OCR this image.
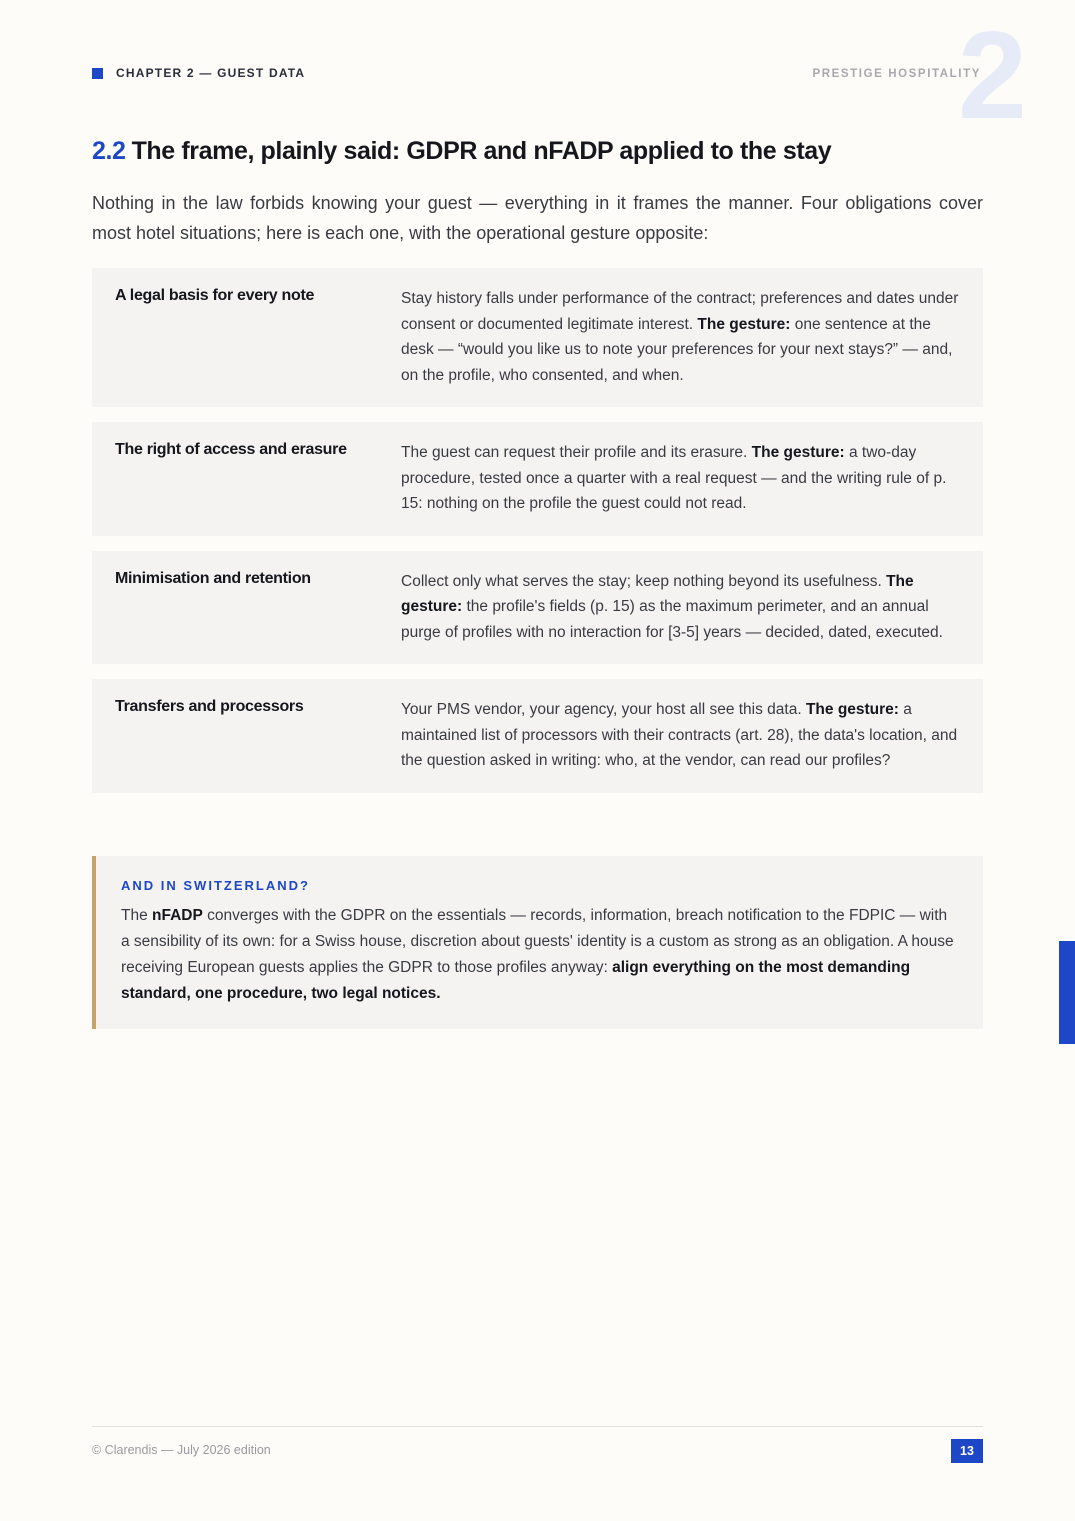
CHAPTER 2 — GUEST DATA	2
PRESTIGE HOSPITALITY
2.2 The frame, plainly said: GDPR and nFADP applied to the stay

Nothing in the law forbids knowing your guest — everything in it frames the manner. Four obligations cover most hotel situations; here is each one, with the operational gesture opposite:

A legal basis for every note	Stay history falls under performance of the contract; preferences and dates under consent or documented legitimate interest. The gesture: one sentence at the desk — “would you like us to note your preferences for your next stays?” — and, on the profile, who consented, and when.
The right of access and erasure	The guest can request their profile and its erasure. The gesture: a two-day procedure, tested once a quarter with a real request — and the writing rule of p. 15: nothing on the profile the guest could not read.
Minimisation and retention	Collect only what serves the stay; keep nothing beyond its usefulness. The gesture: the profile's fields (p. 15) as the maximum perimeter, and an annual purge of profiles with no interaction for [3-5] years — decided, dated, executed.
Transfers and processors	Your PMS vendor, your agency, your host all see this data. The gesture: a maintained list of processors with their contracts (art. 28), the data's location, and the question asked in writing: who, at the vendor, can read our profiles?
AND IN SWITZERLAND?
The nFADP converges with the GDPR on the essentials — records, information, breach notification to the FDPIC — with a sensibility of its own: for a Swiss house, discretion about guests' identity is a custom as strong as an obligation. A house receiving European guests applies the GDPR to those profiles anyway: align everything on the most demanding standard, one procedure, two legal notices.
© Clarendis — July 2026 edition	13
